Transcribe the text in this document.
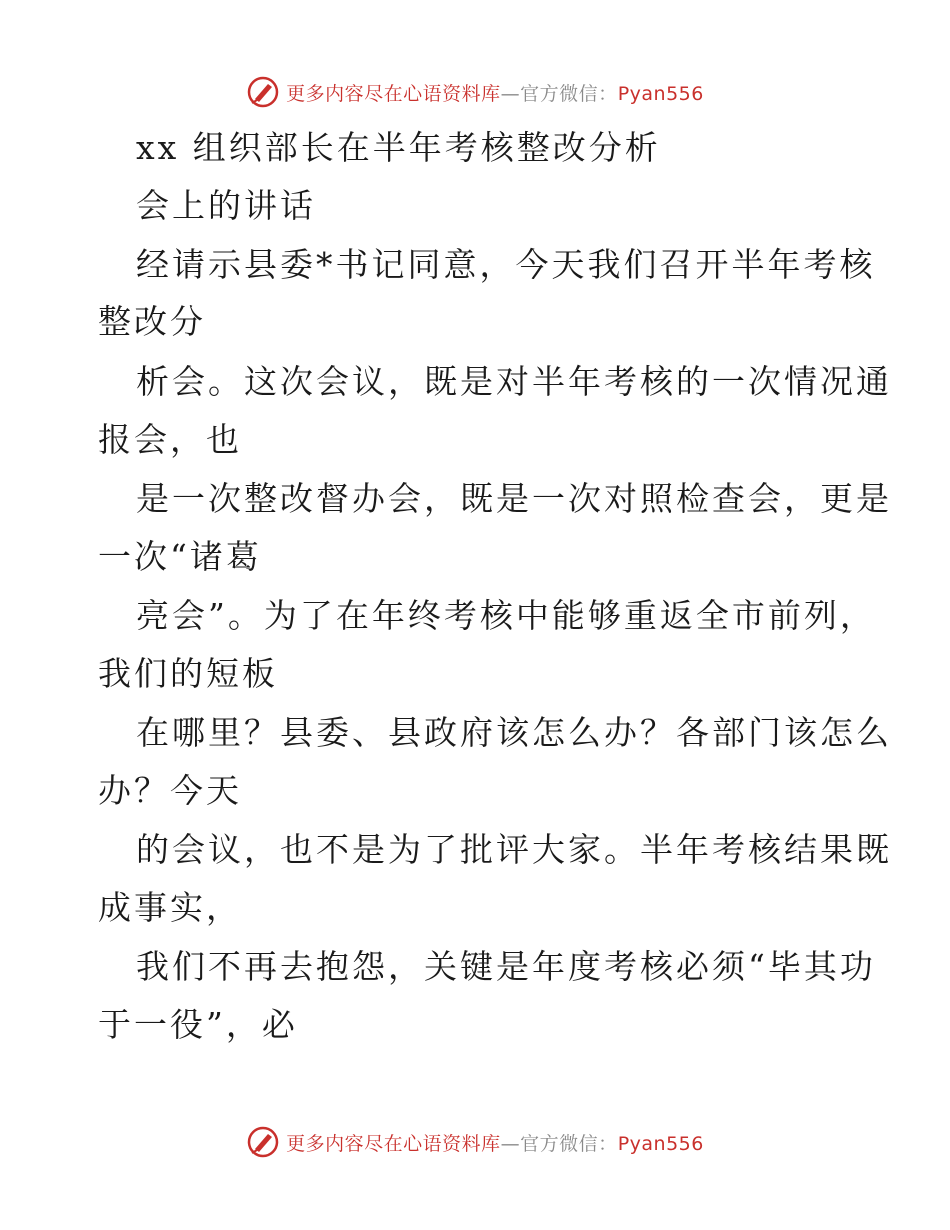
更多内容尽在心语资料库—官方微信：Pyan556
xx 组织部长在半年考核整改分析
会上的讲话
经请示县委*书记同意，今天我们召开半年考核
整改分
析会。这次会议，既是对半年考核的一次情况通
报会，也
是一次整改督办会，既是一次对照检查会，更是
一次“诸葛
亮会”。为了在年终考核中能够重返全市前列，
我们的短板
在哪里？县委、县政府该怎么办？各部门该怎么
办？今天
的会议，也不是为了批评大家。半年考核结果既
成事实，
我们不再去抱怨，关键是年度考核必须“毕其功
于一役”，必
更多内容尽在心语资料库—官方微信：Pyan556
